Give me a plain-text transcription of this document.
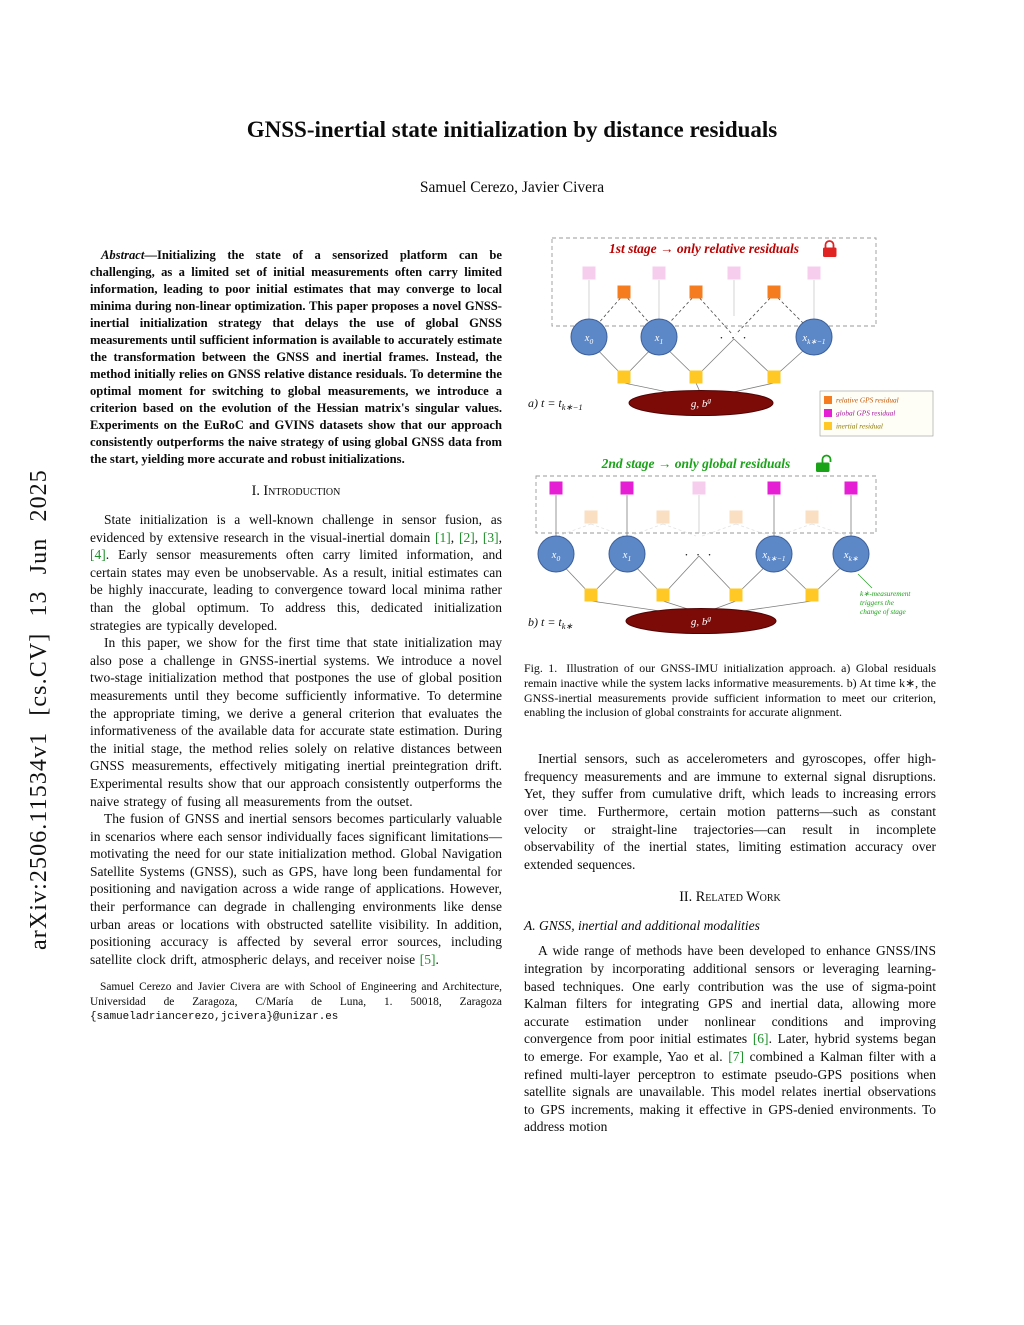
arXiv:2506.11534v1 [cs.CV] 13 Jun 2025
GNSS-inertial state initialization by distance residuals
Samuel Cerezo, Javier Civera

Abstract—Initializing the state of a sensorized platform can be challenging, as a limited set of initial measurements often carry limited information, leading to poor initial estimates that may converge to local minima during non-linear optimization. This paper proposes a novel GNSS-inertial initialization strategy that delays the use of global GNSS measurements until sufficient information is available to accurately estimate the transformation between the GNSS and inertial frames. Instead, the method initially relies on GNSS relative distance residuals. To determine the optimal moment for switching to global measurements, we introduce a criterion based on the evolution of the Hessian matrix's singular values. Experiments on the EuRoC and GVINS datasets show that our approach consistently outperforms the naive strategy of using global GNSS data from the start, yielding more accurate and robust initializations.

I. Introduction

State initialization is a well-known challenge in sensor fusion, as evidenced by extensive research in the visual-inertial domain [1], [2], [3], [4]. Early sensor measurements often carry limited information, and certain states may even be unobservable. As a result, initial estimates can be highly inaccurate, leading to convergence toward local minima rather than the global optimum. To address this, dedicated initialization strategies are typically developed.

In this paper, we show for the first time that state initialization may also pose a challenge in GNSS-inertial systems. We introduce a novel two-stage initialization method that postpones the use of global position measurements until they become sufficiently informative. To determine the appropriate timing, we derive a general criterion that evaluates the informativeness of the available data for accurate state estimation. During the initial stage, the method relies solely on relative distances between GNSS measurements, effectively mitigating inertial preintegration drift. Experimental results show that our approach consistently outperforms the naive strategy of fusing all measurements from the outset.

The fusion of GNSS and inertial sensors becomes particularly valuable in scenarios where each sensor individually faces significant limitations—motivating the need for our state initialization method. Global Navigation Satellite Systems (GNSS), such as GPS, have long been fundamental for positioning and navigation across a wide range of applications. However, their performance can degrade in challenging environments like dense urban areas or locations with obstructed satellite visibility. In addition, positioning accuracy is affected by several error sources, including satellite clock drift, atmospheric delays, and receiver noise [5].

Samuel Cerezo and Javier Civera are with School of Engineering and Architecture, Universidad de Zaragoza, C/María de Luna, 1. 50018, Zaragoza {samueladriancerezo,jcivera}@unizar.es
1st stage → only relative residuals
$x_0$	$x_1$	$x_{k∗-1}$
· · ·
g, $b^g$
a) $t = t_{k∗-1}$
relative GPS residual
global GPS residual
inertial residual
2nd stage → only global residuals
$x_0$	$x_1$	$x_{k∗-1}$	$x_{k∗}$
· · ·
g, $b^g$
b) $t = t_{k∗}$
k∗-measurement
triggers the
change of stage

Fig. 1. Illustration of our GNSS-IMU initialization approach. a) Global residuals remain inactive while the system lacks informative measurements. b) At time k∗, the GNSS-inertial measurements provide sufficient information to meet our criterion, enabling the inclusion of global constraints for accurate alignment.

Inertial sensors, such as accelerometers and gyroscopes, offer high-frequency measurements and are immune to external signal disruptions. Yet, they suffer from cumulative drift, which leads to increasing errors over time. Furthermore, certain motion patterns—such as constant velocity or straight-line trajectories—can result in incomplete observability of the inertial states, limiting estimation accuracy over extended sequences.

II. Related Work
A. GNSS, inertial and additional modalities

A wide range of methods have been developed to enhance GNSS/INS integration by incorporating additional sensors or leveraging learning-based techniques. One early contribution was the use of sigma-point Kalman filters for integrating GPS and inertial data, allowing more accurate estimation under nonlinear conditions and improving convergence from poor initial estimates [6]. Later, hybrid systems began to emerge. For example, Yao et al. [7] combined a Kalman filter with a refined multi-layer perceptron to estimate pseudo-GPS positions when satellite signals are unavailable. This model relates inertial observations to GPS increments, making it effective in GPS-denied environments. To address motion
